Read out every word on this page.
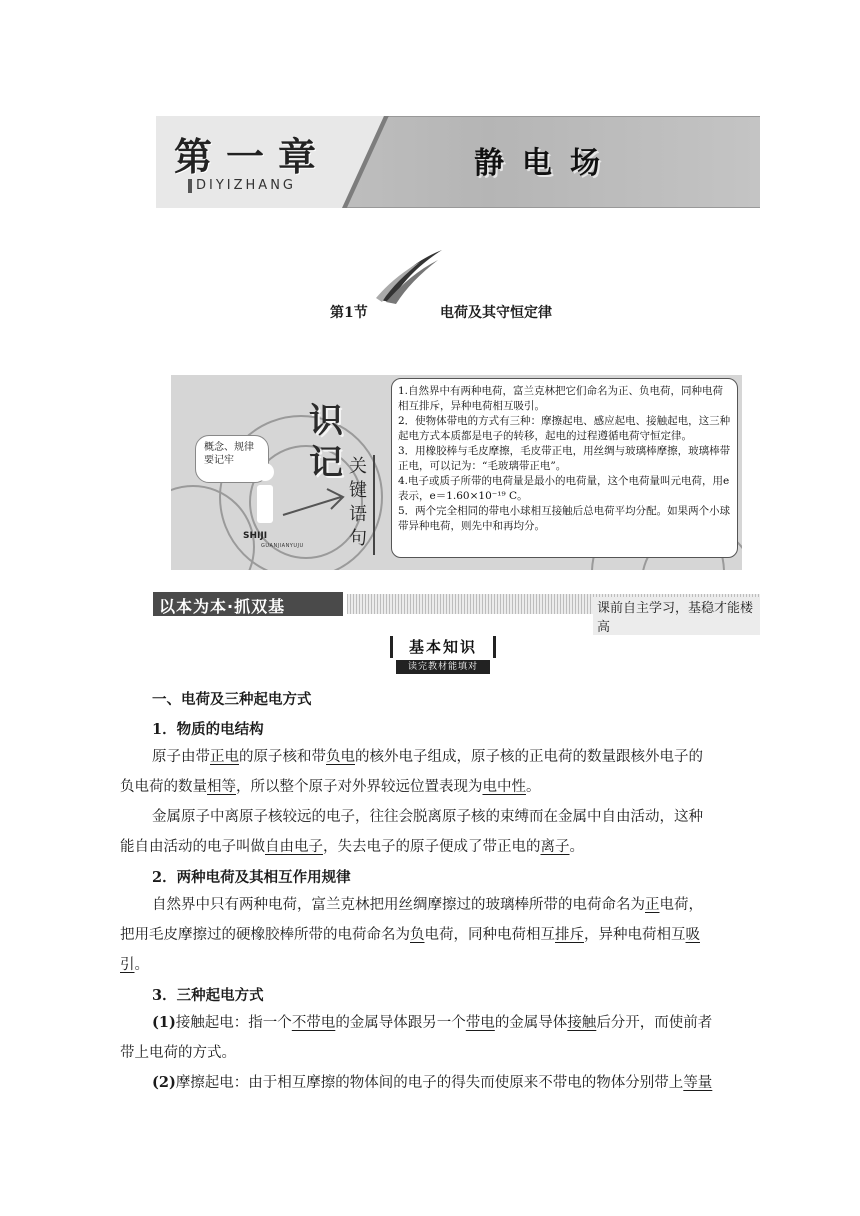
第一章
DIYIZHANG
静电场
第1节	电荷及其守恒定律
概念、规律
要记牢
SHIJI
GUANJIANYUJU
识
记 关
键
语
句

1.自然界中有两种电荷，富兰克林把它们命名为正、负电荷，同种电荷相互排斥，异种电荷相互吸引。

2．使物体带电的方式有三种：摩擦起电、感应起电、接触起电，这三种起电方式本质都是电子的转移，起电的过程遵循电荷守恒定律。

3．用橡胶棒与毛皮摩擦，毛皮带正电，用丝绸与玻璃棒摩擦，玻璃棒带正电，可以记为：“毛玻璃带正电”。

4.电子或质子所带的电荷量是最小的电荷量，这个电荷量叫元电荷，用e表示，e＝1.60×10⁻¹⁹ C。

5．两个完全相同的带电小球相互接触后总电荷平均分配。如果两个小球带异种电荷，则先中和再均分。

以本为本·抓双基	课前自主学习，基稳才能楼高
基本知识
读完教材能填对
一、电荷及三种起电方式
1．物质的电结构
原子由带正电的原子核和带负电的核外电子组成，原子核的正电荷的数量跟核外电子的
负电荷的数量相等，所以整个原子对外界较远位置表现为电中性。
金属原子中离原子核较远的电子，往往会脱离原子核的束缚而在金属中自由活动，这种
能自由活动的电子叫做自由电子，失去电子的原子便成了带正电的离子。
2．两种电荷及其相互作用规律
自然界中只有两种电荷，富兰克林把用丝绸摩擦过的玻璃棒所带的电荷命名为正电荷，
把用毛皮摩擦过的硬橡胶棒所带的电荷命名为负电荷，同种电荷相互排斥，异种电荷相互吸
引。
3．三种起电方式
(1)接触起电：指一个不带电的金属导体跟另一个带电的金属导体接触后分开，而使前者
带上电荷的方式。
(2)摩擦起电：由于相互摩擦的物体间的电子的得失而使原来不带电的物体分别带上等量
